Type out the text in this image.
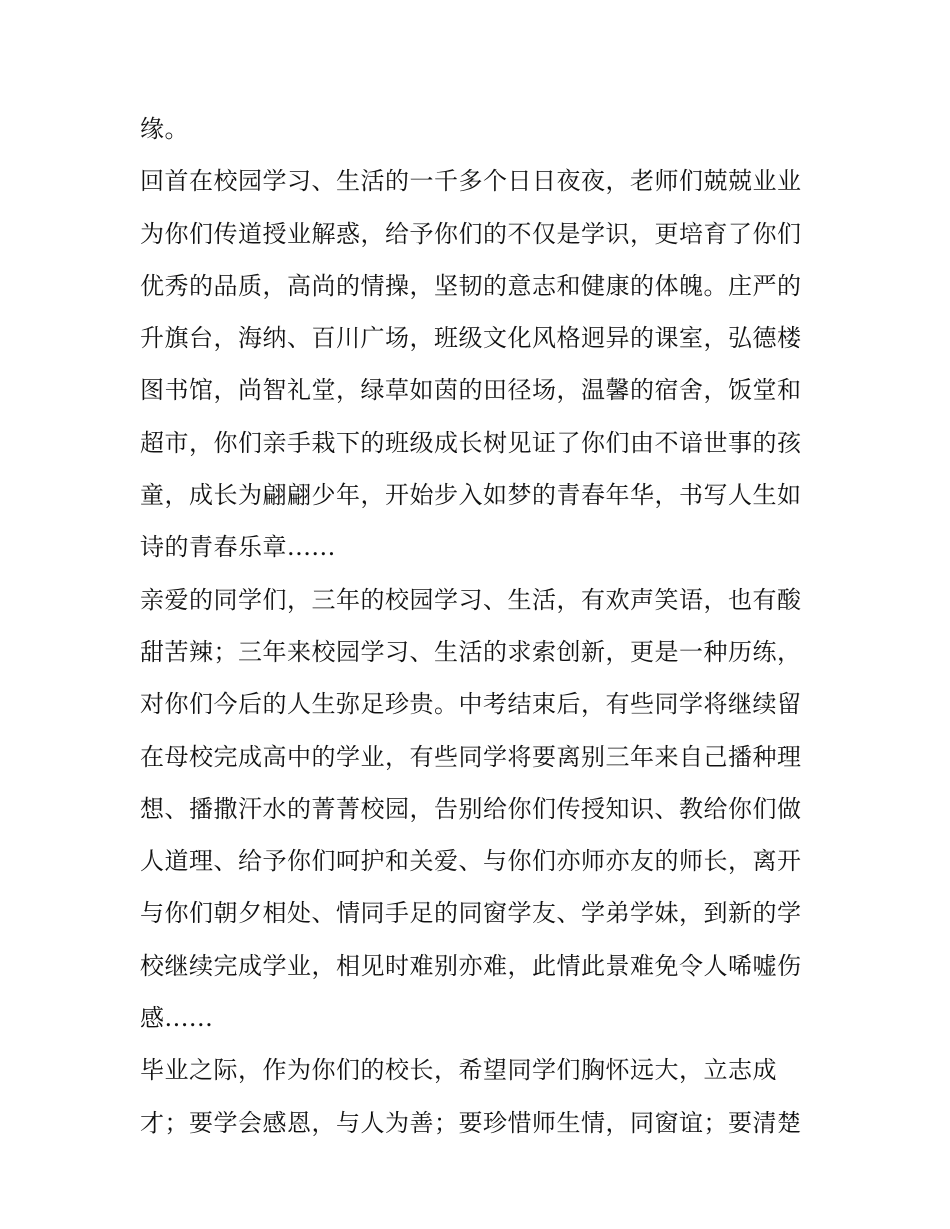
缘。
回首在校园学习、生活的一千多个日日夜夜，老师们兢兢业业
为你们传道授业解惑，给予你们的不仅是学识，更培育了你们
优秀的品质，高尚的情操，坚韧的意志和健康的体魄。庄严的
升旗台，海纳、百川广场，班级文化风格迥异的课室，弘德楼
图书馆，尚智礼堂，绿草如茵的田径场，温馨的宿舍，饭堂和
超市，你们亲手栽下的班级成长树见证了你们由不谙世事的孩
童，成长为翩翩少年，开始步入如梦的青春年华，书写人生如
诗的青春乐章......
亲爱的同学们，三年的校园学习、生活，有欢声笑语，也有酸
甜苦辣；三年来校园学习、生活的求索创新，更是一种历练，
对你们今后的人生弥足珍贵。中考结束后，有些同学将继续留
在母校完成高中的学业，有些同学将要离别三年来自己播种理
想、播撒汗水的菁菁校园，告别给你们传授知识、教给你们做
人道理、给予你们呵护和关爱、与你们亦师亦友的师长，离开
与你们朝夕相处、情同手足的同窗学友、学弟学妹，到新的学
校继续完成学业，相见时难别亦难，此情此景难免令人唏嘘伤
感......
毕业之际，作为你们的校长，希望同学们胸怀远大，立志成
才；要学会感恩，与人为善；要珍惜师生情，同窗谊；要清楚
